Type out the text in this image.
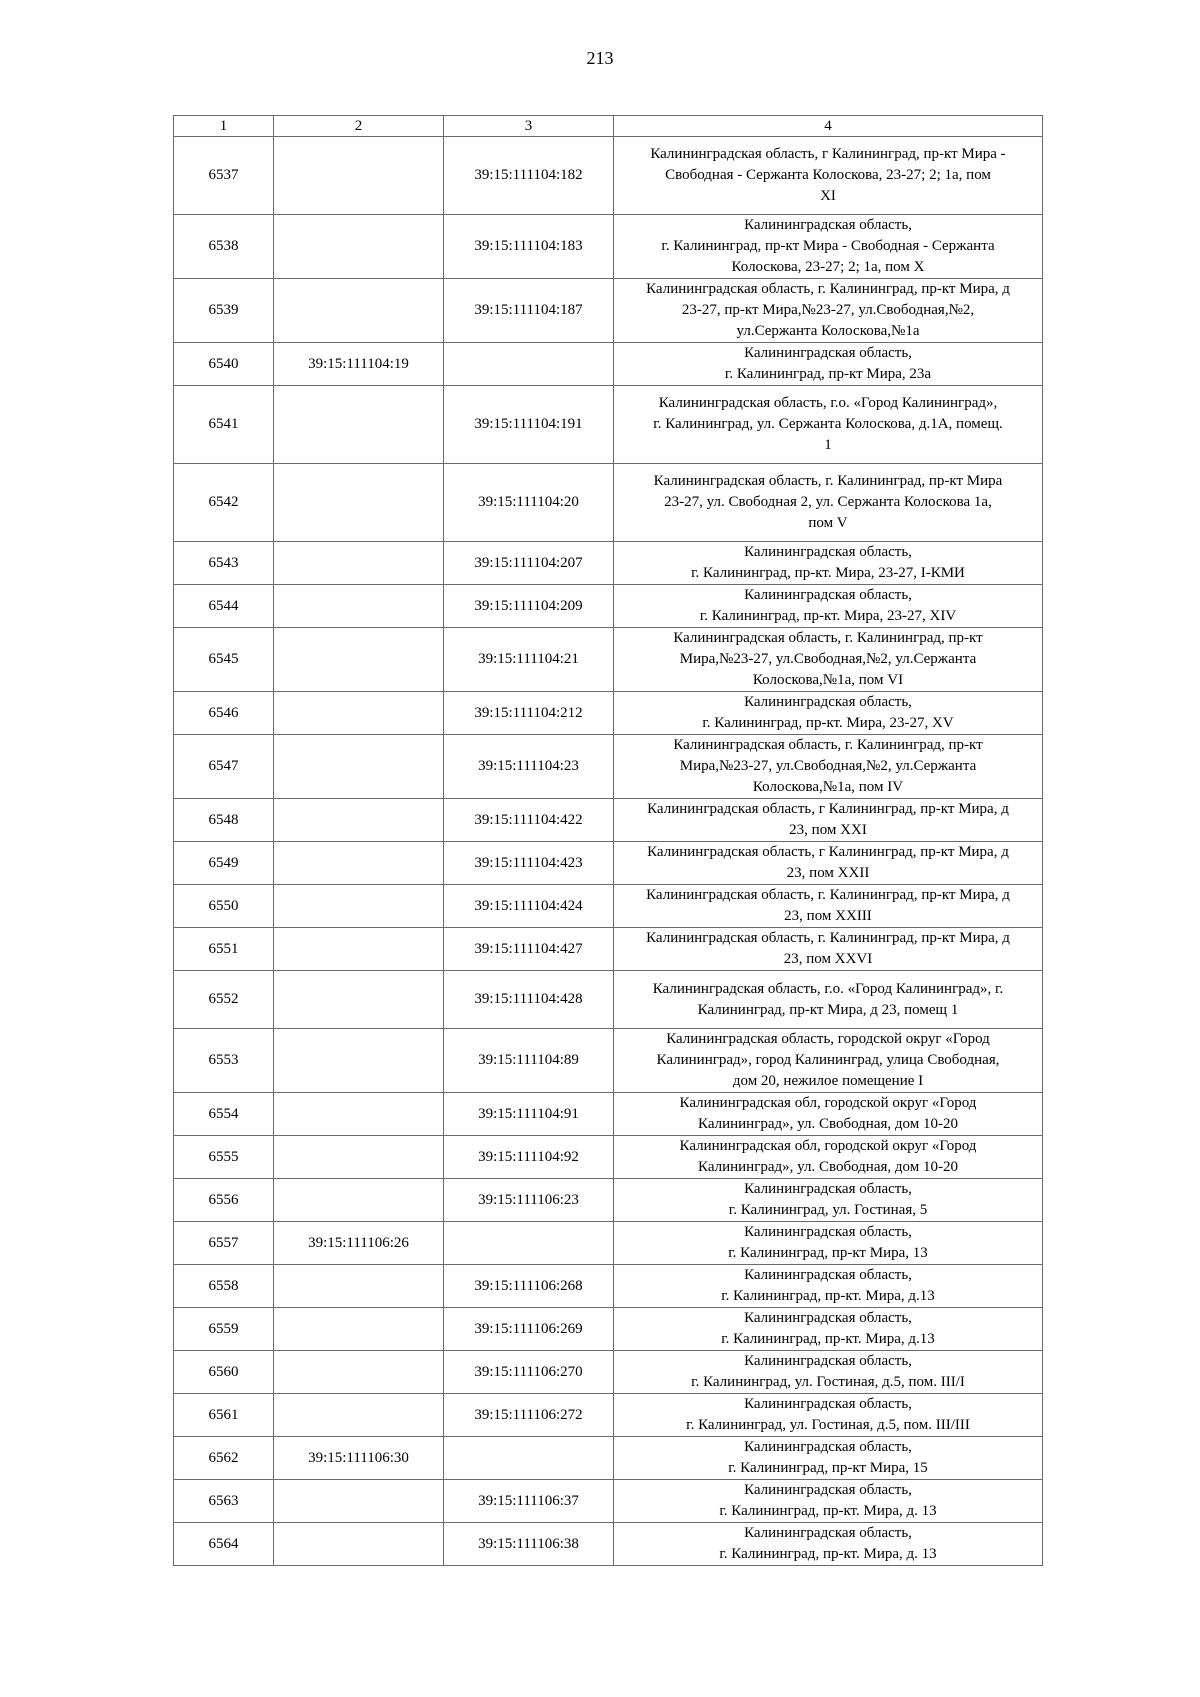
213
1	2	3	4
6537		39:15:111104:182	Калининградская область, г Калининград, пр-кт Мира -
Свободная - Сержанта Колоскова, 23-27; 2; 1а, пом
XI

6538		39:15:111104:183	Калининградская область,
г. Калининград, пр-кт Мира - Свободная - Сержанта
Колоскова, 23-27; 2; 1а, пом X

6539		39:15:111104:187	Калининградская область, г. Калининград, пр-кт Мира, д
23-27, пр-кт Мира,№23-27, ул.Свободная,№2,
ул.Сержанта Колоскова,№1а

6540	39:15:111104:19		Калининградская область,
г. Калининград, пр-кт Мира, 23а

6541		39:15:111104:191	Калининградская область, г.о. «Город Калининград»,
г. Калининград, ул. Сержанта Колоскова, д.1А, помещ.
1

6542		39:15:111104:20	Калининградская область, г. Калининград, пр-кт Мира
23-27, ул. Свободная 2, ул. Сержанта Колоскова 1а,
пом V

6543		39:15:111104:207	Калининградская область,
г. Калининград, пр-кт. Мира, 23-27, I-КМИ

6544		39:15:111104:209	Калининградская область,
г. Калининград, пр-кт. Мира, 23-27, XIV

6545		39:15:111104:21	Калининградская область, г. Калининград, пр-кт
Мира,№23-27, ул.Свободная,№2, ул.Сержанта
Колоскова,№1а, пом VI

6546		39:15:111104:212	Калининградская область,
г. Калининград, пр-кт. Мира, 23-27, XV

6547		39:15:111104:23	Калининградская область, г. Калининград, пр-кт
Мира,№23-27, ул.Свободная,№2, ул.Сержанта
Колоскова,№1а, пом IV

6548		39:15:111104:422	Калининградская область, г Калининград, пр-кт Мира, д
23, пом XXI

6549		39:15:111104:423	Калининградская область, г Калининград, пр-кт Мира, д
23, пом XXII

6550		39:15:111104:424	Калининградская область, г. Калининград, пр-кт Мира, д
23, пом XXIII

6551		39:15:111104:427	Калининградская область, г. Калининград, пр-кт Мира, д
23, пом XXVI

6552		39:15:111104:428	Калининградская область, г.о. «Город Калининград», г.
Калининград, пр-кт Мира, д 23, помещ 1

6553		39:15:111104:89	Калининградская область, городской округ «Город
Калининград», город Калининград, улица Свободная,
дом 20, нежилое помещение I

6554		39:15:111104:91	Калининградская обл, городской округ «Город
Калининград», ул. Свободная, дом 10-20

6555		39:15:111104:92	Калининградская обл, городской округ «Город
Калининград», ул. Свободная, дом 10-20

6556		39:15:111106:23	Калининградская область,
г. Калининград, ул. Гостиная, 5

6557	39:15:111106:26		Калининградская область,
г. Калининград, пр-кт Мира, 13

6558		39:15:111106:268	Калининградская область,
г. Калининград, пр-кт. Мира, д.13

6559		39:15:111106:269	Калининградская область,
г. Калининград, пр-кт. Мира, д.13

6560		39:15:111106:270	Калининградская область,
г. Калининград, ул. Гостиная, д.5, пом. III/I

6561		39:15:111106:272	Калининградская область,
г. Калининград, ул. Гостиная, д.5, пом. III/III

6562	39:15:111106:30		Калининградская область,
г. Калининград, пр-кт Мира, 15

6563		39:15:111106:37	Калининградская область,
г. Калининград, пр-кт. Мира, д. 13

6564		39:15:111106:38	Калининградская область,
г. Калининград, пр-кт. Мира, д. 13
